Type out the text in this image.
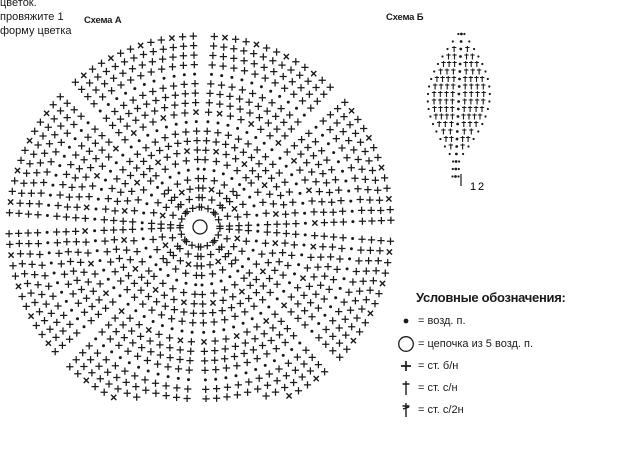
цветок.
провяжите 1
форму цветка
Схема А	Схема Б
1 2
Условные обозначения:
= возд. п.
= цепочка из 5 возд. п.
= ст. б/н
= ст. с/н
= ст. с/2н
